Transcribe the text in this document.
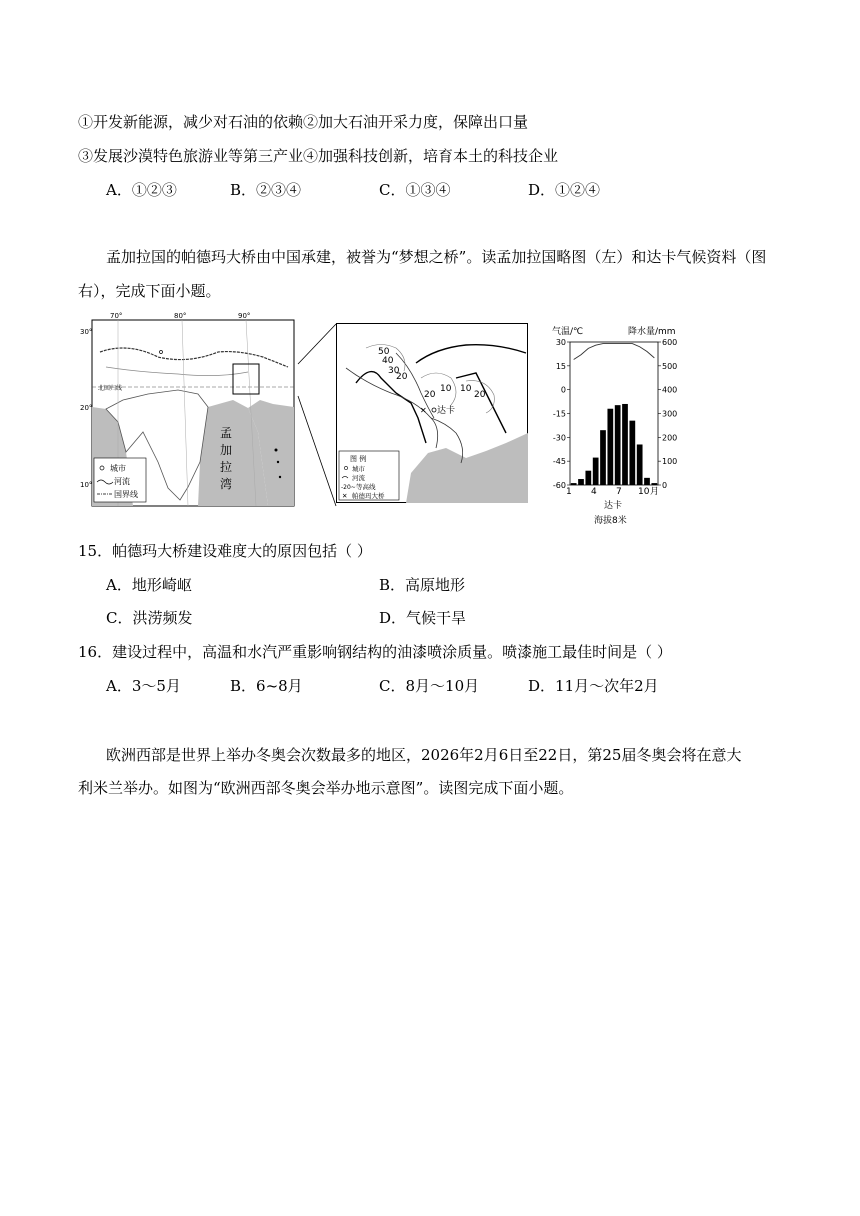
①开发新能源，减少对石油的依赖②加大石油开采力度，保障出口量
③发展沙漠特色旅游业等第三产业④加强科技创新，培育本土的科技企业
A．①②③	B．②③④	C．①③④	D．①②④
孟加拉国的帕德玛大桥由中国承建，被誉为“梦想之桥”。读孟加拉国略图（左）和达卡气候资料（图
右），完成下面小题。
北回归线
70°	80°	90°
30°
20°
10°
孟
加
拉
湾
城市
河流
国界线
50
40
30
20
20
10 10
20
达卡
✕
图 例
城市
河流
-20~ 等高线
✕ 帕德玛大桥
气温/℃	降水量/mm
30
15
0
-15
-30
-45
-60
600
500
400
300
200
100
0
1 4 7 10 月
达卡
海拔8米
15．帕德玛大桥建设难度大的原因包括（ ）
A．地形崎岖	B．高原地形
C．洪涝频发	D．气候干旱
16．建设过程中，高温和水汽严重影响钢结构的油漆喷涂质量。喷漆施工最佳时间是（ ）
A．3～5月	B．6~8月	C．8月～10月	D．11月～次年2月
欧洲西部是世界上举办冬奥会次数最多的地区，2026年2月6日至22日，第25届冬奥会将在意大
利米兰举办。如图为“欧洲西部冬奥会举办地示意图”。读图完成下面小题。
